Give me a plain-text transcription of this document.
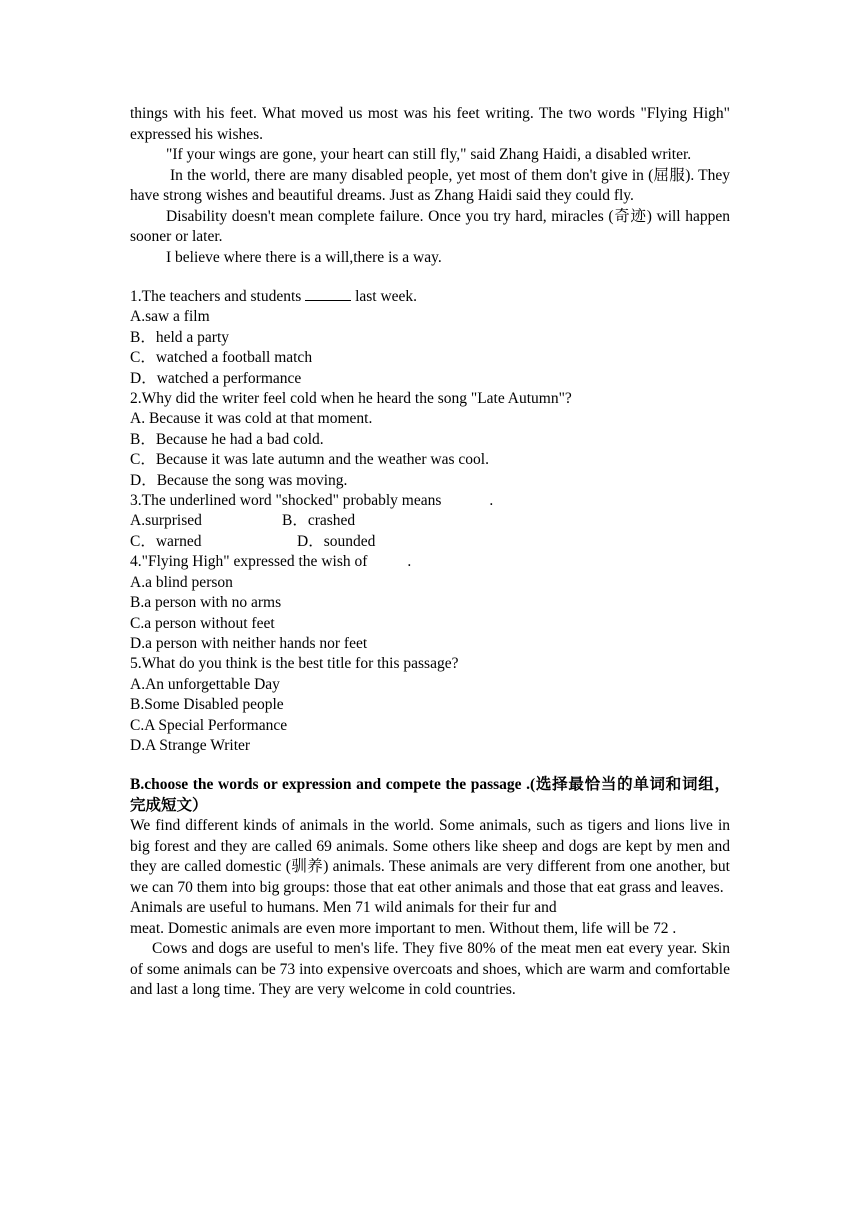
things with his feet. What moved us most was his feet writing. The two words "Flying High" expressed his wishes.

"If your wings are gone, your heart can still fly," said Zhang Haidi, a disabled writer.

In the world, there are many disabled people, yet most of them don't give in (屈服). They have strong wishes and beautiful dreams. Just as Zhang Haidi said they could fly.

Disability doesn't mean complete failure. Once you try hard, miracles (奇迹) will happen sooner or later.

I believe where there is a will,there is a way.

1.The teachers and students	last week.

A.saw a film

B．held a party

C．watched a football match

D．watched a performance

2.Why did the writer feel cold when he heard the song "Late Autumn"?

A. Because it was cold at that moment.

B．Because he had a bad cold.

C．Because it was late autumn and the weather was cool.

D．Because the song was moving.

3.The underlined word "shocked" probably means	.

A.surprised	B．crashed

C．warned	D．sounded

4."Flying High" expressed the wish of	.

A.a blind person

B.a person with no arms

C.a person without feet

D.a person with neither hands nor feet

5.What do you think is the best title for this passage?

A.An unforgettable Day

B.Some Disabled people

C.A Special Performance

D.A Strange Writer

B.choose the words or expression and compete the passage .(选择最恰当的单词和词组，完成短文）

We find different kinds of animals in the world. Some animals, such as tigers and lions live in big forest and they are called 69 animals. Some others like sheep and dogs are kept by men and they are called domestic (驯养) animals. These animals are very different from one another, but we can 70 them into big groups: those that eat other animals and those that eat grass and leaves.

Animals are useful to humans. Men 71 wild animals for their fur and

meat. Domestic animals are even more important to men. Without them, life will be 72 .

Cows and dogs are useful to men's life. They five 80% of the meat men eat every year. Skin of some animals can be 73 into expensive overcoats and shoes, which are warm and comfortable and last a long time. They are very welcome in cold countries.
